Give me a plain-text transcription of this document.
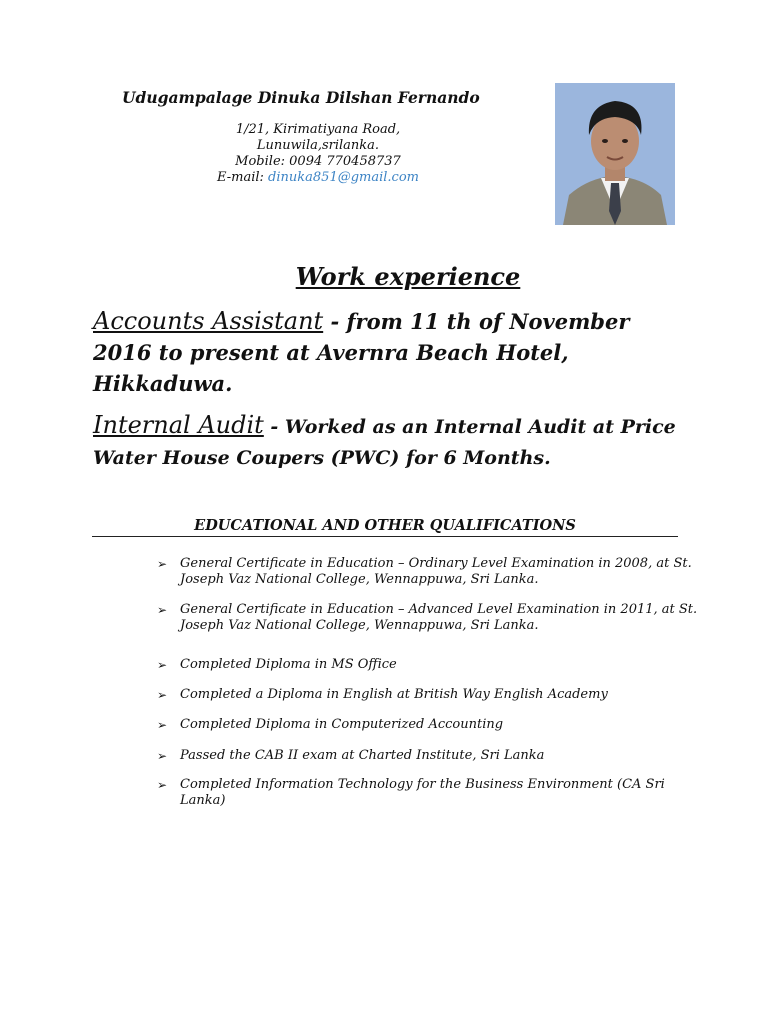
Udugampalage Dinuka Dilshan Fernando
1/21, Kirimatiyana Road,
Lunuwila,srilanka.
Mobile: 0094 770458737
E-mail: dinuka851@gmail.com
Work experience
Accounts Assistant - from 11 th of November 2016 to present at Avernra Beach Hotel, Hikkaduwa.
Internal Audit - Worked as an Internal Audit at Price Water House Coupers (PWC) for 6 Months.
EDUCATIONAL AND OTHER QUALIFICATIONS
➢ General Certificate in Education – Ordinary Level Examination in 2008, at St. Joseph Vaz National College, Wennappuwa, Sri Lanka.
➢ General Certificate in Education – Advanced Level Examination in 2011, at St. Joseph Vaz National College, Wennappuwa, Sri Lanka.
➢ Completed Diploma in MS Office
➢ Completed a Diploma in English at British Way English Academy
➢ Completed Diploma in Computerized Accounting
➢ Passed the CAB II exam at Charted Institute, Sri Lanka
➢ Completed Information Technology for the Business Environment (CA Sri Lanka)
